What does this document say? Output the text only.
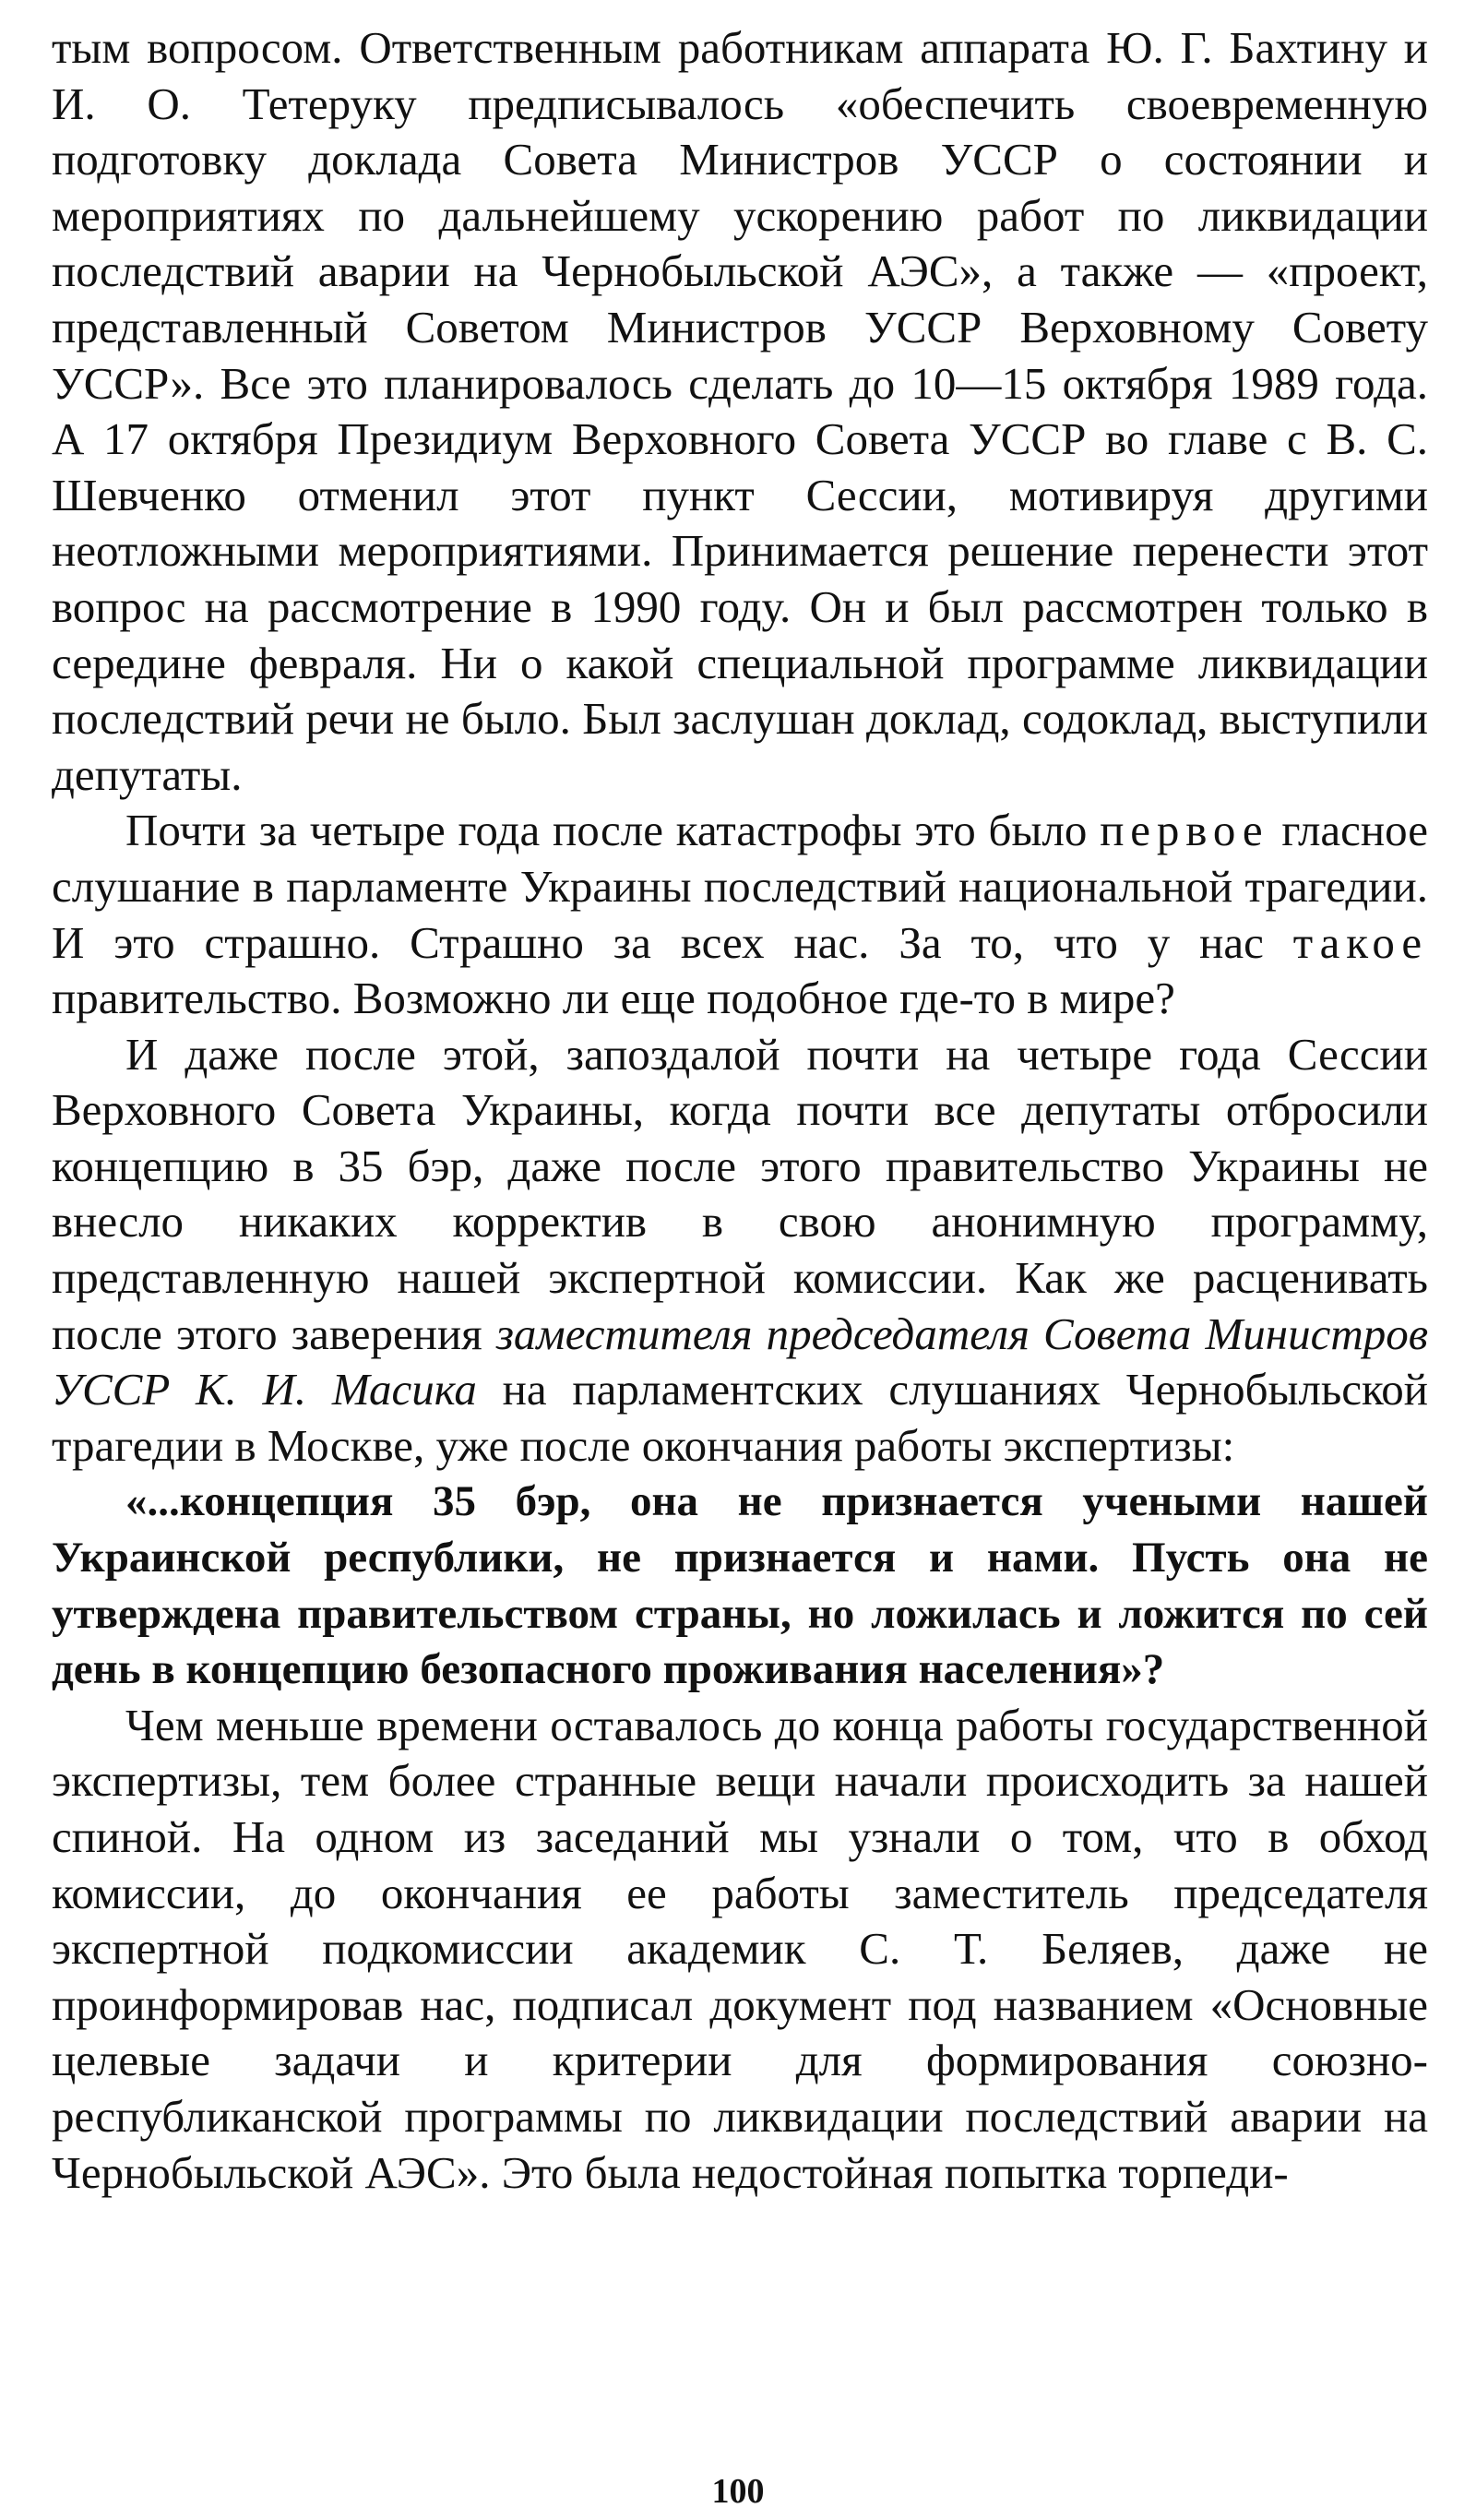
тым вопросом. Ответственным работникам аппарата Ю. Г. Бахтину и И. О. Тетеруку предписывалось «обеспечить своевременную подготовку доклада Совета Министров УССР о состоянии и мероприятиях по дальнейшему ускорению работ по ликвидации последствий аварии на Чернобыльской АЭС», а также — «проект, представленный Советом Министров УССР Верховному Совету УССР». Все это планировалось сделать до 10—15 октября 1989 года. А 17 октября Президиум Верховного Совета УССР во главе с В. С. Шевченко отменил этот пункт Сессии, мотивируя другими неотложными мероприятиями. Принимается решение перенести этот вопрос на рассмотрение в 1990 году. Он и был рассмотрен только в середине февраля. Ни о какой специальной программе ликвидации последствий речи не было. Был заслушан доклад, содоклад, выступили депутаты.

Почти за четыре года после катастрофы это было первое гласное слушание в парламенте Украины последствий национальной трагедии. И это страшно. Страшно за всех нас. За то, что у нас такое правительство. Возможно ли еще подобное где-то в мире?

И даже после этой, запоздалой почти на четыре года Сессии Верховного Совета Украины, когда почти все депутаты отбросили концепцию в 35 бэр, даже после этого правительство Украины не внесло никаких корректив в свою анонимную программу, представленную нашей экспертной комиссии. Как же расценивать после этого заверения заместителя председателя Совета Министров УССР К. И. Масика на парламентских слушаниях Чернобыльской трагедии в Москве, уже после окончания работы экспертизы:

«...концепция 35 бэр, она не признается учеными нашей Украинской республики, не признается и нами. Пусть она не утверждена правительством страны, но ложилась и ложится по сей день в концепцию безопасного проживания населения»?

Чем меньше времени оставалось до конца работы государственной экспертизы, тем более странные вещи начали происходить за нашей спиной. На одном из заседаний мы узнали о том, что в обход комиссии, до окончания ее работы заместитель председателя экспертной подкомиссии академик С. Т. Беляев, даже не проинформировав нас, подписал документ под названием «Основные целевые задачи и критерии для формирования союзно-республиканской программы по ликвидации последствий аварии на Чернобыльской АЭС». Это была недостойная попытка торпеди-

100
